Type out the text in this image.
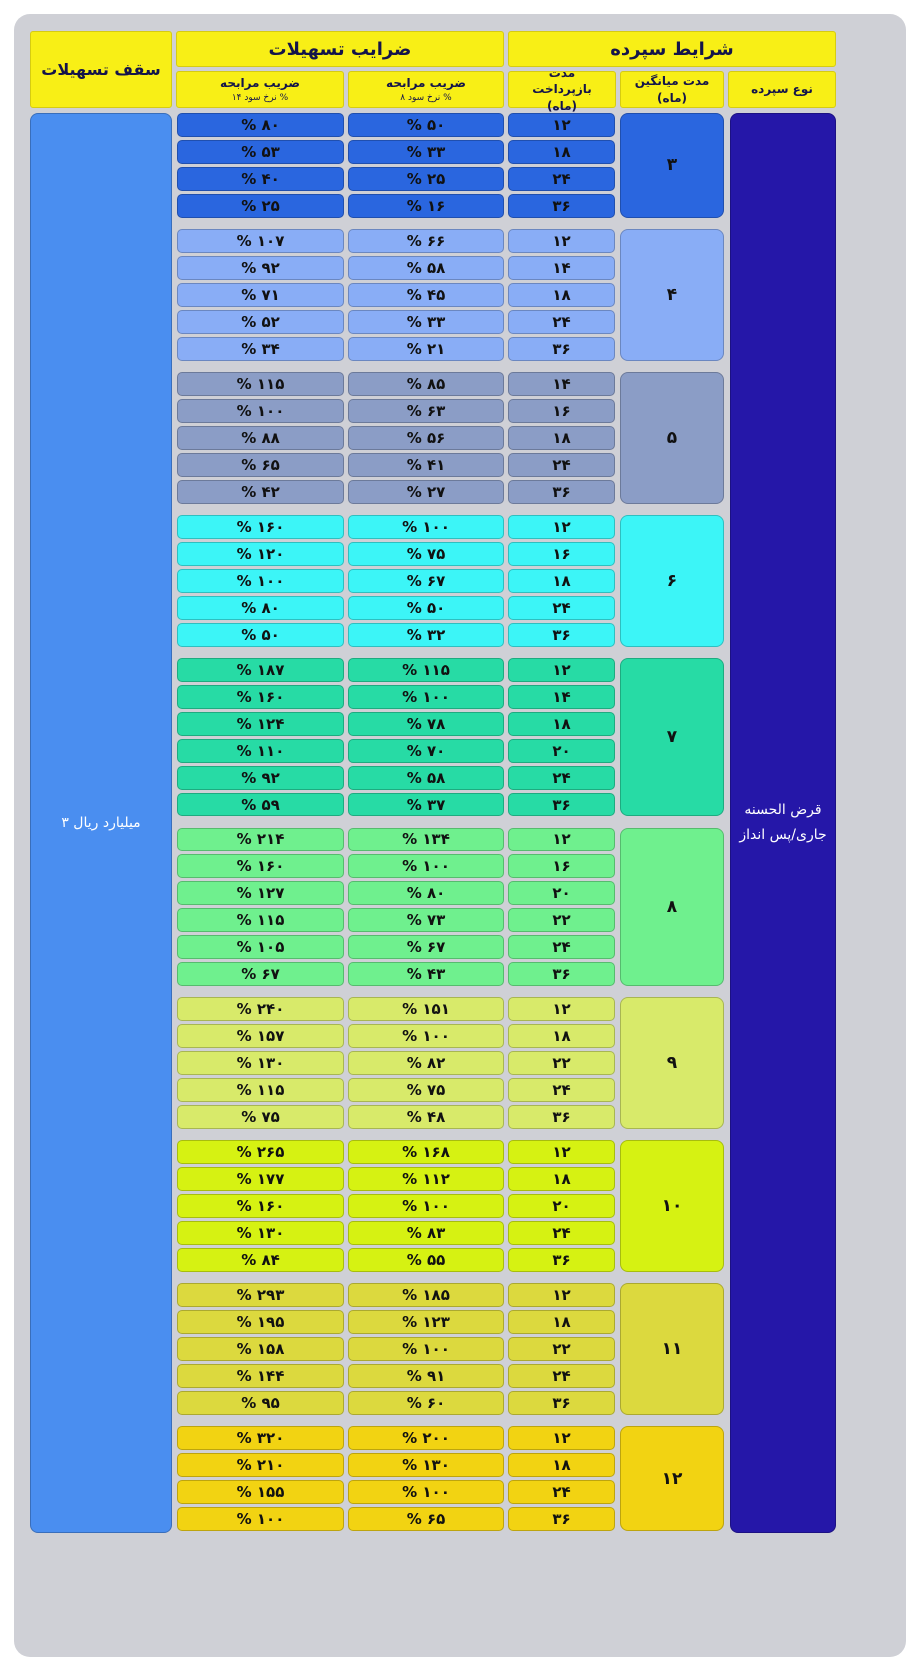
شرایط سپرده
ضرایب تسهیلات
سقف تسهیلات
نوع سپرده
مدت میانگین (ماه)
مدت بازپرداخت (ماه)
ضریب مرابحه
نرخ سود ۸ %
ضریب مرابحه
نرخ سود ۱۴ %
قرض الحسنه
جاری/پس انداز
۳ میلیارد ریال
۳
۱۲
۵۰ %
۸۰ %
۱۸
۳۳ %
۵۳ %
۲۴
۲۵ %
۴۰ %
۳۶
۱۶ %
۲۵ %
۴
۱۲
۶۶ %
۱۰۷ %
۱۴
۵۸ %
۹۲ %
۱۸
۴۵ %
۷۱ %
۲۴
۳۳ %
۵۲ %
۳۶
۲۱ %
۳۴ %
۵
۱۴
۸۵ %
۱۱۵ %
۱۶
۶۳ %
۱۰۰ %
۱۸
۵۶ %
۸۸ %
۲۴
۴۱ %
۶۵ %
۳۶
۲۷ %
۴۲ %
۶
۱۲
۱۰۰ %
۱۶۰ %
۱۶
۷۵ %
۱۲۰ %
۱۸
۶۷ %
۱۰۰ %
۲۴
۵۰ %
۸۰ %
۳۶
۳۲ %
۵۰ %
۷
۱۲
۱۱۵ %
۱۸۷ %
۱۴
۱۰۰ %
۱۶۰ %
۱۸
۷۸ %
۱۲۴ %
۲۰
۷۰ %
۱۱۰ %
۲۴
۵۸ %
۹۲ %
۳۶
۳۷ %
۵۹ %
۸
۱۲
۱۳۴ %
۲۱۴ %
۱۶
۱۰۰ %
۱۶۰ %
۲۰
۸۰ %
۱۲۷ %
۲۲
۷۳ %
۱۱۵ %
۲۴
۶۷ %
۱۰۵ %
۳۶
۴۳ %
۶۷ %
۹
۱۲
۱۵۱ %
۲۴۰ %
۱۸
۱۰۰ %
۱۵۷ %
۲۲
۸۲ %
۱۳۰ %
۲۴
۷۵ %
۱۱۵ %
۳۶
۴۸ %
۷۵ %
۱۰
۱۲
۱۶۸ %
۲۶۵ %
۱۸
۱۱۲ %
۱۷۷ %
۲۰
۱۰۰ %
۱۶۰ %
۲۴
۸۳ %
۱۳۰ %
۳۶
۵۵ %
۸۴ %
۱۱
۱۲
۱۸۵ %
۲۹۳ %
۱۸
۱۲۳ %
۱۹۵ %
۲۲
۱۰۰ %
۱۵۸ %
۲۴
۹۱ %
۱۴۴ %
۳۶
۶۰ %
۹۵ %
۱۲
۱۲
۲۰۰ %
۳۲۰ %
۱۸
۱۳۰ %
۲۱۰ %
۲۴
۱۰۰ %
۱۵۵ %
۳۶
۶۵ %
۱۰۰ %
